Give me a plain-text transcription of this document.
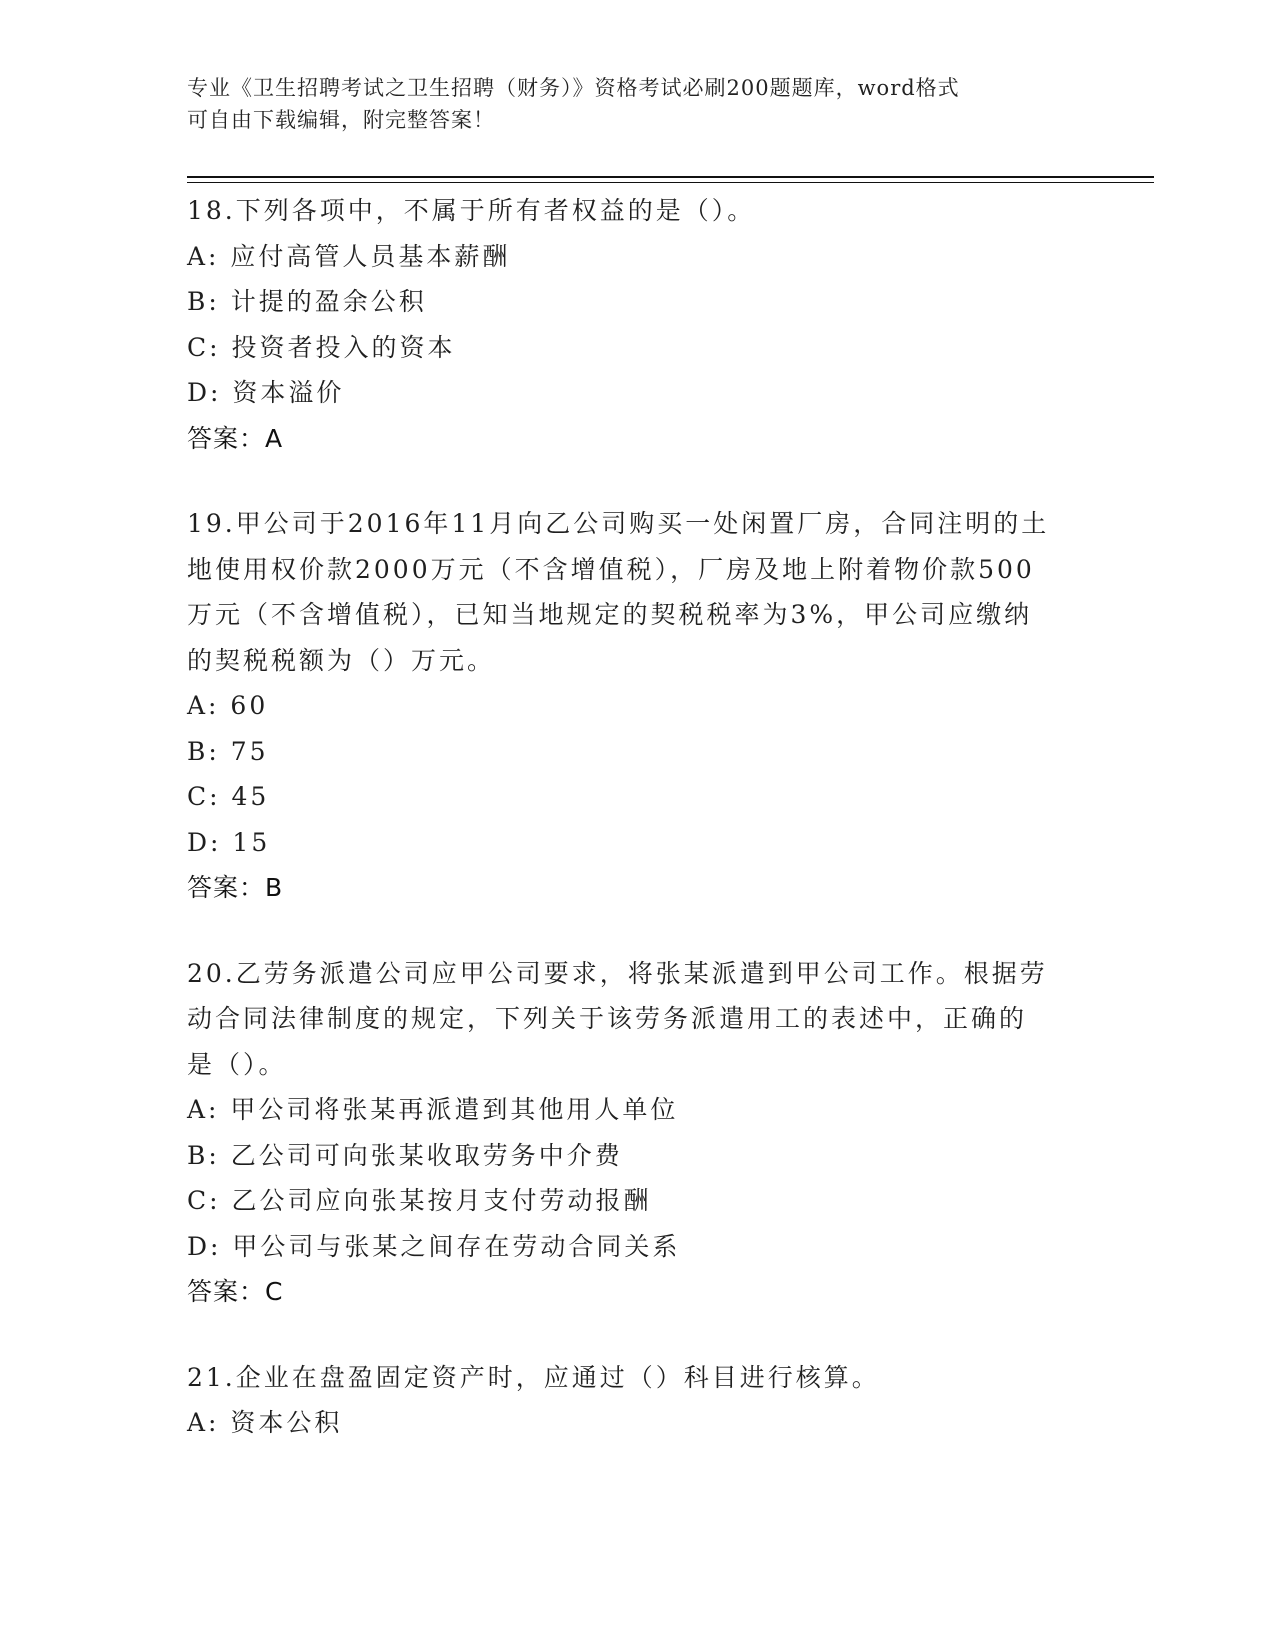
专业《卫生招聘考试之卫生招聘（财务）》资格考试必刷200题题库，word格式
可自由下载编辑，附完整答案！
18.下列各项中，不属于所有者权益的是（）。
A: 应付高管人员基本薪酬
B: 计提的盈余公积
C: 投资者投入的资本
D: 资本溢价
答案：A
19.甲公司于2016年11月向乙公司购买一处闲置厂房，合同注明的土
地使用权价款2000万元（不含增值税），厂房及地上附着物价款500
万元（不含增值税），已知当地规定的契税税率为3%，甲公司应缴纳
的契税税额为（）万元。
A: 60
B: 75
C: 45
D: 15
答案：B
20.乙劳务派遣公司应甲公司要求，将张某派遣到甲公司工作。根据劳
动合同法律制度的规定，下列关于该劳务派遣用工的表述中，正确的
是（）。
A: 甲公司将张某再派遣到其他用人单位
B: 乙公司可向张某收取劳务中介费
C: 乙公司应向张某按月支付劳动报酬
D: 甲公司与张某之间存在劳动合同关系
答案：C
21.企业在盘盈固定资产时，应通过（）科目进行核算。
A: 资本公积
